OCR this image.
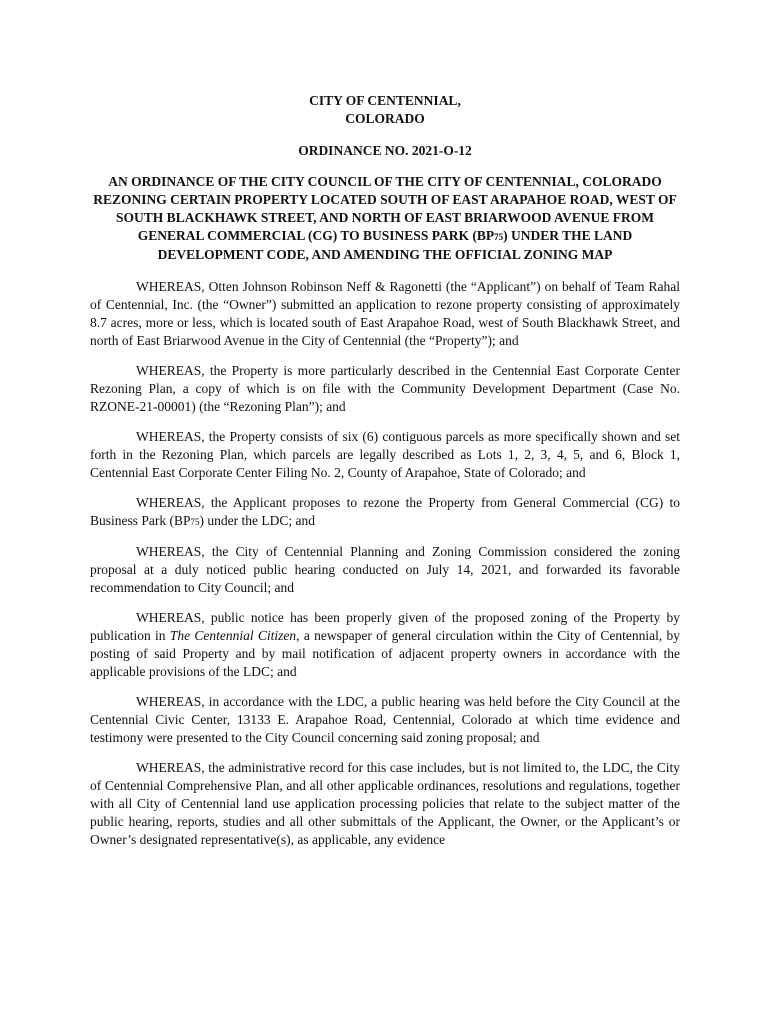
CITY OF CENTENNIAL,
COLORADO

ORDINANCE NO. 2021-O-12

AN ORDINANCE OF THE CITY COUNCIL OF THE CITY OF CENTENNIAL, COLORADO REZONING CERTAIN PROPERTY LOCATED SOUTH OF EAST ARAPAHOE ROAD, WEST OF SOUTH BLACKHAWK STREET, AND NORTH OF EAST BRIARWOOD AVENUE FROM GENERAL COMMERCIAL (CG) TO BUSINESS PARK (BP75) UNDER THE LAND DEVELOPMENT CODE, AND AMENDING THE OFFICIAL ZONING MAP

WHEREAS, Otten Johnson Robinson Neff & Ragonetti (the “Applicant”) on behalf of Team Rahal of Centennial, Inc. (the “Owner”) submitted an application to rezone property consisting of approximately 8.7 acres, more or less, which is located south of East Arapahoe Road, west of South Blackhawk Street, and north of East Briarwood Avenue in the City of Centennial (the “Property”); and

WHEREAS, the Property is more particularly described in the Centennial East Corporate Center Rezoning Plan, a copy of which is on file with the Community Development Department (Case No. RZONE-21-00001) (the “Rezoning Plan”); and

WHEREAS, the Property consists of six (6) contiguous parcels as more specifically shown and set forth in the Rezoning Plan, which parcels are legally described as Lots 1, 2, 3, 4, 5, and 6, Block 1, Centennial East Corporate Center Filing No. 2, County of Arapahoe, State of Colorado; and

WHEREAS, the Applicant proposes to rezone the Property from General Commercial (CG) to Business Park (BP75) under the LDC; and

WHEREAS, the City of Centennial Planning and Zoning Commission considered the zoning proposal at a duly noticed public hearing conducted on July 14, 2021, and forwarded its favorable recommendation to City Council; and

WHEREAS, public notice has been properly given of the proposed zoning of the Property by publication in The Centennial Citizen, a newspaper of general circulation within the City of Centennial, by posting of said Property and by mail notification of adjacent property owners in accordance with the applicable provisions of the LDC; and

WHEREAS, in accordance with the LDC, a public hearing was held before the City Council at the Centennial Civic Center, 13133 E. Arapahoe Road, Centennial, Colorado at which time evidence and testimony were presented to the City Council concerning said zoning proposal; and

WHEREAS, the administrative record for this case includes, but is not limited to, the LDC, the City of Centennial Comprehensive Plan, and all other applicable ordinances, resolutions and regulations, together with all City of Centennial land use application processing policies that relate to the subject matter of the public hearing, reports, studies and all other submittals of the Applicant, the Owner, or the Applicant’s or Owner’s designated representative(s), as applicable, any evidence
